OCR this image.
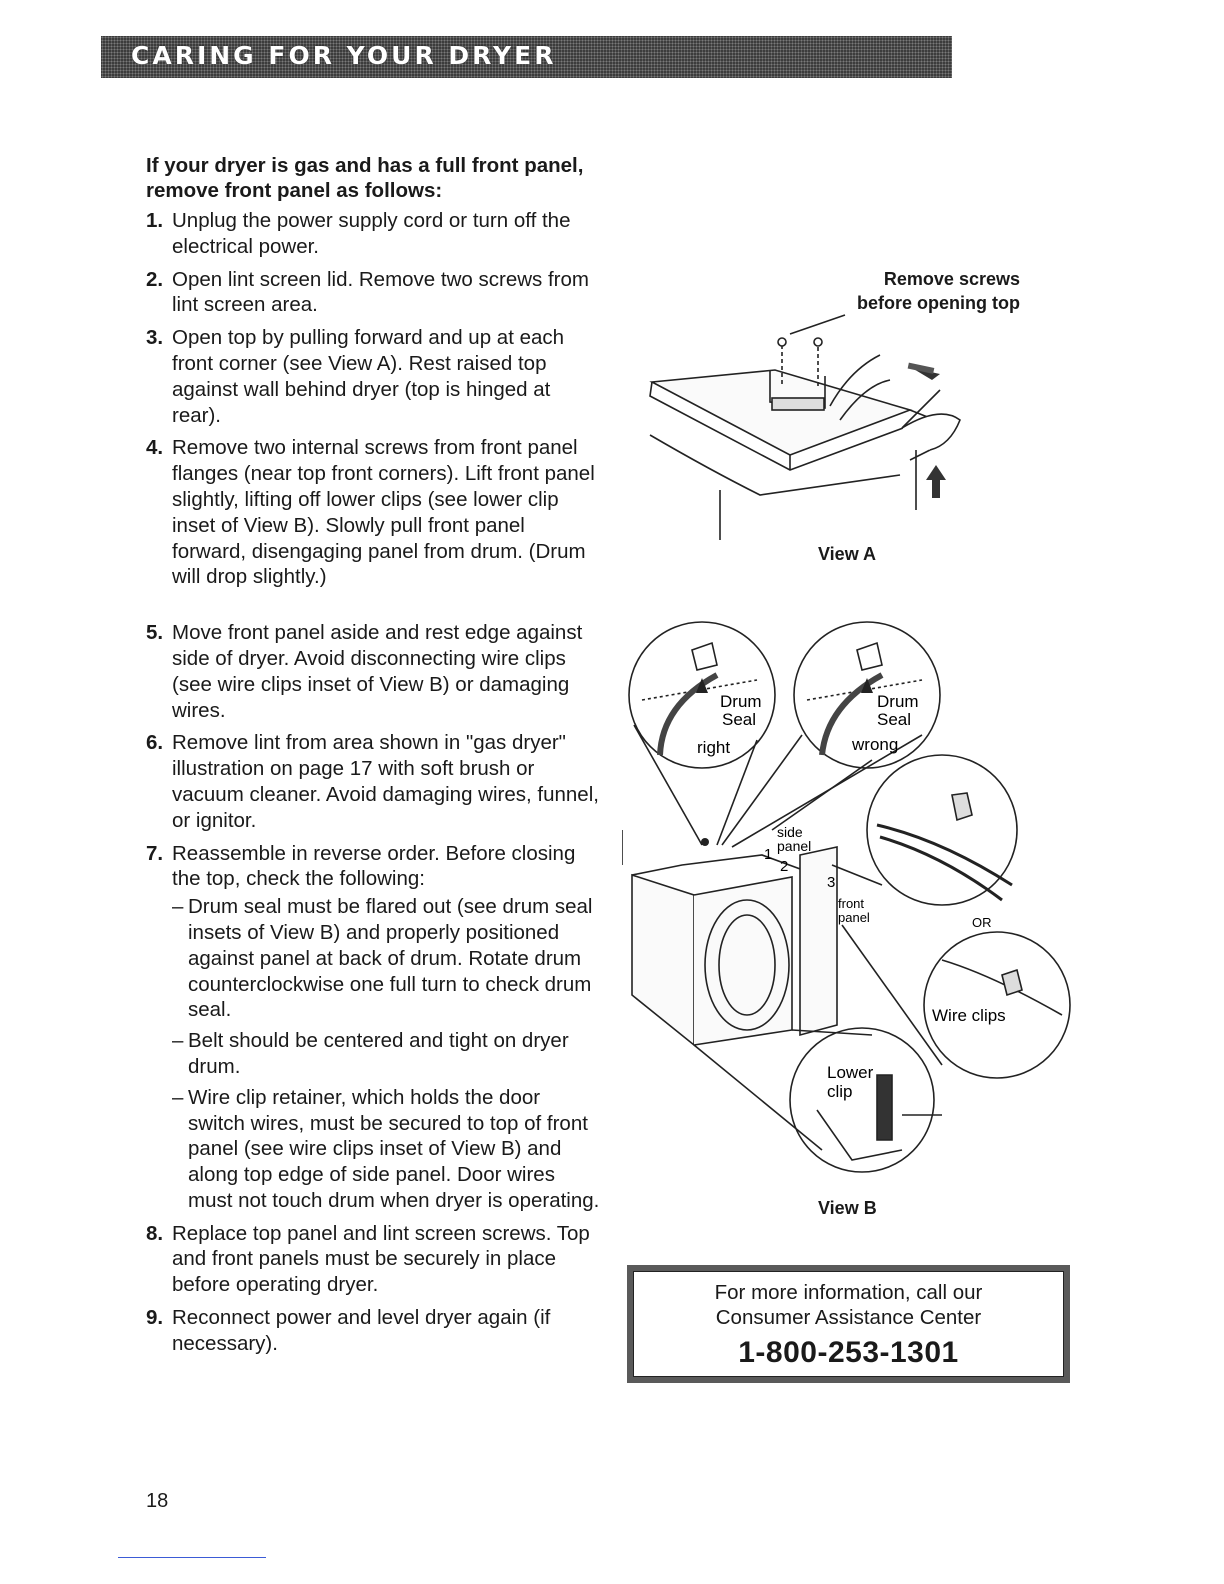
CARING FOR YOUR DRYER

If your dryer is gas and has a full front panel, remove front panel as follows:

1. Unplug the power supply cord or turn off the electrical power.
2. Open lint screen lid. Remove two screws from lint screen area.
3. Open top by pulling forward and up at each front corner (see View A). Rest raised top against wall behind dryer (top is hinged at rear).
4. Remove two internal screws from front panel flanges (near top front corners). Lift front panel slightly, lifting off lower clips (see lower clip inset of View B). Slowly pull front panel forward, disengaging panel from drum. (Drum will drop slightly.)
5. Move front panel aside and rest edge against side of dryer. Avoid disconnecting wire clips (see wire clips inset of View B) or damaging wires.
6. Remove lint from area shown in "gas dryer" illustration on page 17 with soft brush or vacuum cleaner. Avoid damaging wires, funnel, or ignitor.
7. Reassemble in reverse order. Before closing the top, check the following:
– Drum seal must be flared out (see drum seal insets of View B) and properly positioned against panel at back of drum. Rotate drum counterclockwise one full turn to check drum seal.
– Belt should be centered and tight on dryer drum.
– Wire clip retainer, which holds the door switch wires, must be secured to top of front panel (see wire clips inset of View B) and along top edge of side panel. Door wires must not touch drum when dryer is operating.
8. Replace top panel and lint screen screws. Top and front panels must be securely in place before operating dryer.
9. Reconnect power and level dryer again (if necessary).
Remove screws
before opening top
View A
Drum
Seal
right
Drum
Seal
wrong
side
panel
1
2
3
front
panel	OR
Wire clips
Lower
clip
View B
For more information, call our
Consumer Assistance Center
1-800-253-1301
18
